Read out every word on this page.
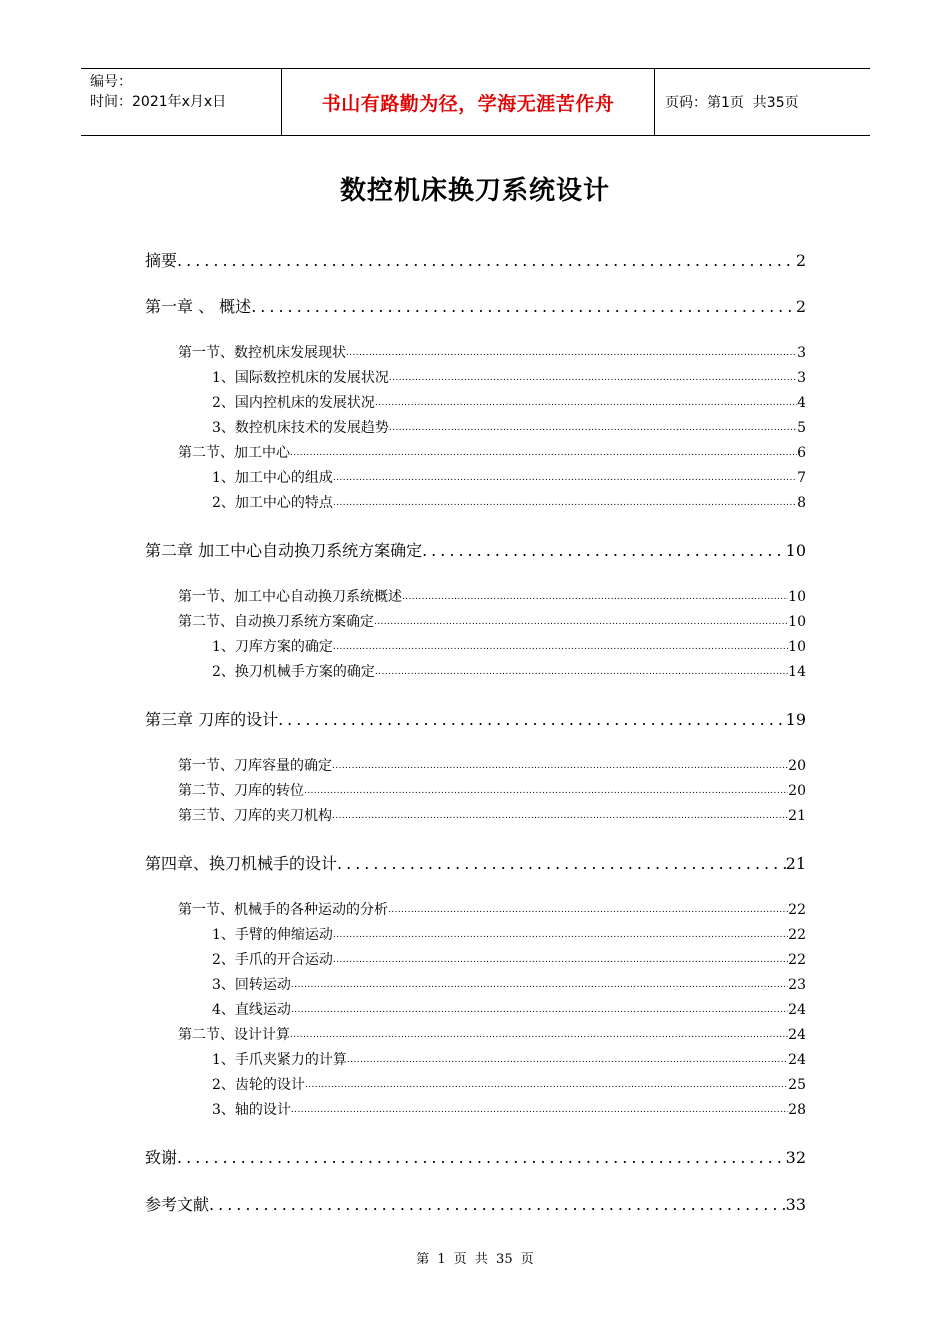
编号：
时间：2021年x月x日	书山有路勤为径，学海无涯苦作舟	页码：第1页  共35页
数控机床换刀系统设计
摘要 .....	2
第一章 、 概述 .....	2
第一节、数控机床发展现状 .....	3
1、国际数控机床的发展状况 .....	3
2、国内控机床的发展状况 .....	4
3、数控机床技术的发展趋势 .....	5
第二节、加工中心 .....	6
1、加工中心的组成 .....	7
2、加工中心的特点 .....	8
第二章 加工中心自动换刀系统方案确定 .....	10
第一节、加工中心自动换刀系统概述 .....	10
第二节、自动换刀系统方案确定 .....	10
1、刀库方案的确定 .....	10
2、换刀机械手方案的确定 .....	14
第三章 刀库的设计 .....	19
第一节、刀库容量的确定 .....	20
第二节、刀库的转位 .....	20
第三节、刀库的夹刀机构 .....	21
第四章、换刀机械手的设计 .....	21
第一节、机械手的各种运动的分析 .....	22
1、手臂的伸缩运动 .....	22
2、手爪的开合运动 .....	22
3、回转运动 .....	23
4、直线运动 .....	24
第二节、设计计算 .....	24
1、手爪夹紧力的计算 .....	24
2、齿轮的设计 .....	25
3、轴的设计 .....	28
致谢 .....	32
参考文献 .....	33
第 1 页 共 35 页
